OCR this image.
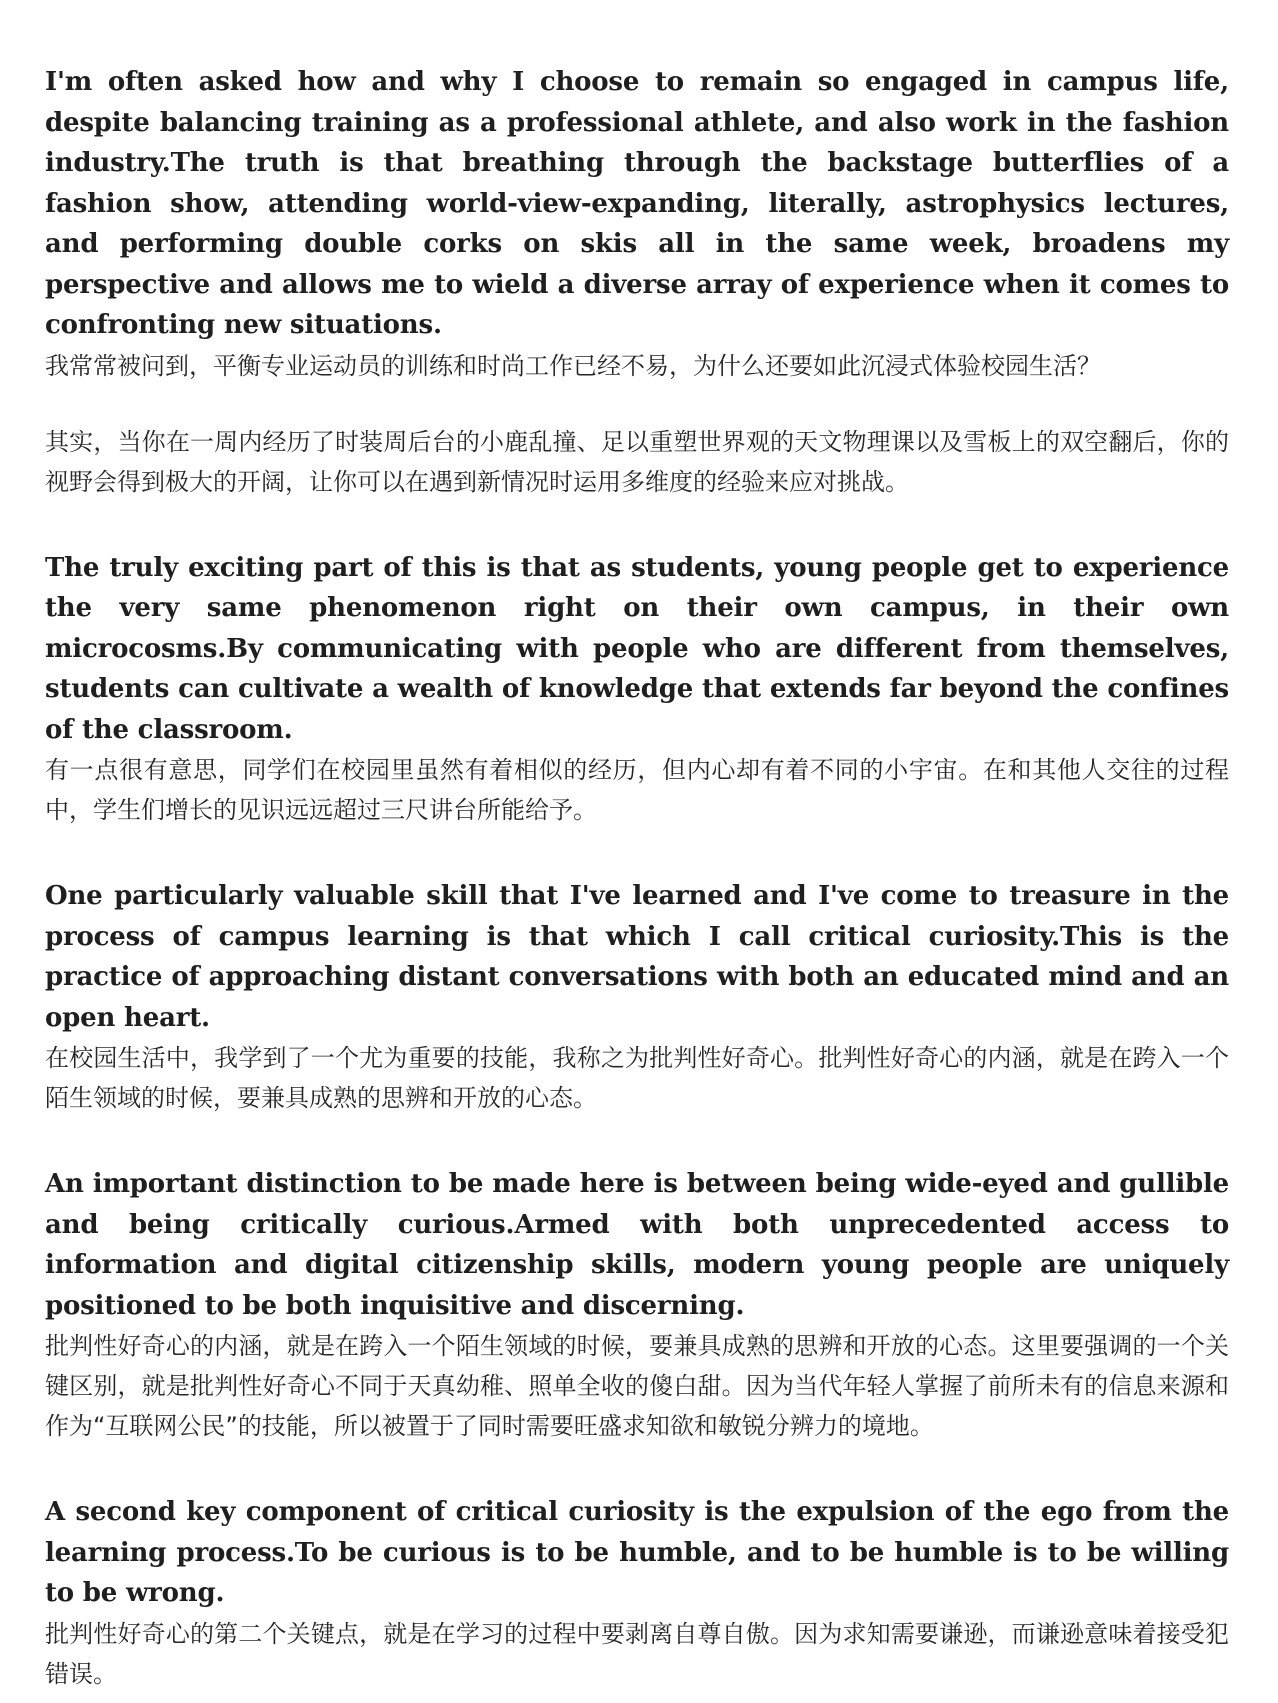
I'm often asked how and why I choose to remain so engaged in campus life, despite balancing training as a professional athlete, and also work in the fashion industry.The truth is that breathing through the backstage butterflies of a fashion show, attending world-view-expanding, literally, astrophysics lectures, and performing double corks on skis all in the same week, broadens my perspective and allows me to wield a diverse array of experience when it comes to confronting new situations.

我常常被问到，平衡专业运动员的训练和时尚工作已经不易，为什么还要如此沉浸式体验校园生活？

其实，当你在一周内经历了时装周后台的小鹿乱撞、足以重塑世界观的天文物理课以及雪板上的双空翻后，你的视野会得到极大的开阔，让你可以在遇到新情况时运用多维度的经验来应对挑战。

The truly exciting part of this is that as students, young people get to experience the very same phenomenon right on their own campus, in their own microcosms.By communicating with people who are different from themselves, students can cultivate a wealth of knowledge that extends far beyond the confines of the classroom.

有一点很有意思，同学们在校园里虽然有着相似的经历，但内心却有着不同的小宇宙。在和其他人交往的过程中，学生们增长的见识远远超过三尺讲台所能给予。

One particularly valuable skill that I've learned and I've come to treasure in the process of campus learning is that which I call critical curiosity.This is the practice of approaching distant conversations with both an educated mind and an open heart.

在校园生活中，我学到了一个尤为重要的技能，我称之为批判性好奇心。批判性好奇心的内涵，就是在跨入一个陌生领域的时候，要兼具成熟的思辨和开放的心态。

An important distinction to be made here is between being wide-eyed and gullible and being critically curious.Armed with both unprecedented access to information and digital citizenship skills, modern young people are uniquely positioned to be both inquisitive and discerning.

批判性好奇心的内涵，就是在跨入一个陌生领域的时候，要兼具成熟的思辨和开放的心态。这里要强调的一个关键区别，就是批判性好奇心不同于天真幼稚、照单全收的傻白甜。因为当代年轻人掌握了前所未有的信息来源和作为“互联网公民”的技能，所以被置于了同时需要旺盛求知欲和敏锐分辨力的境地。

A second key component of critical curiosity is the expulsion of the ego from the learning process.To be curious is to be humble, and to be humble is to be willing to be wrong.

批判性好奇心的第二个关键点，就是在学习的过程中要剥离自尊自傲。因为求知需要谦逊，而谦逊意味着接受犯错误。
